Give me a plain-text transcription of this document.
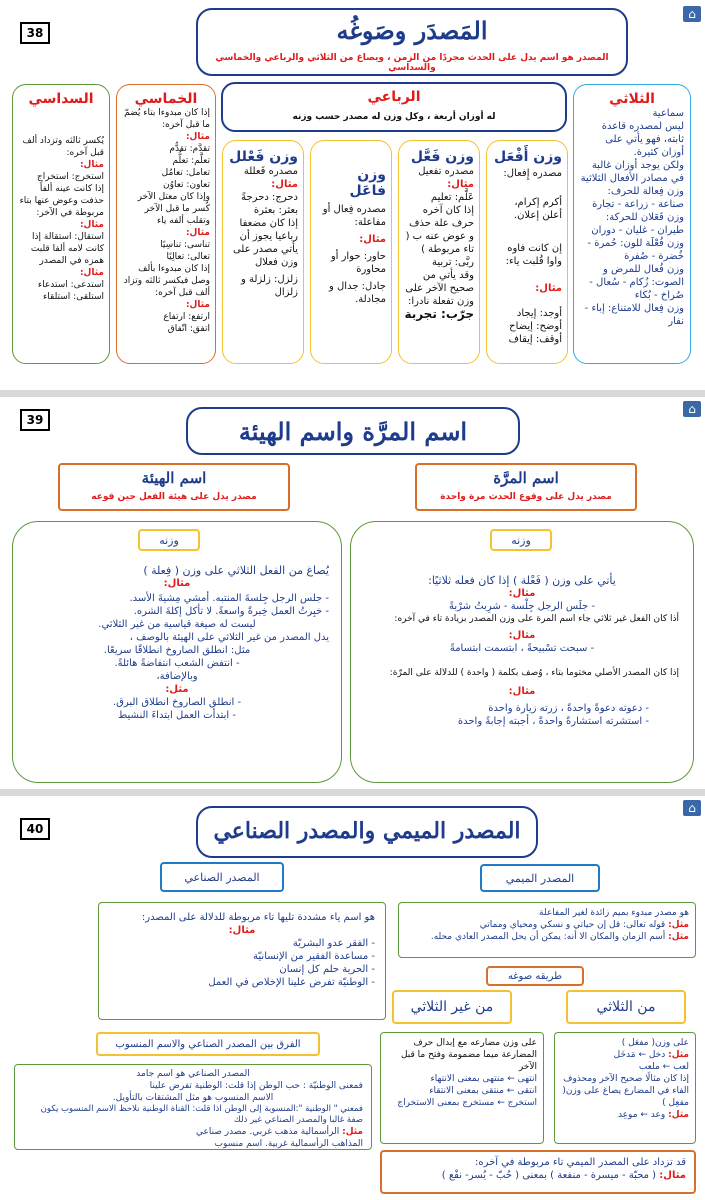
38
⌂
المَصدَر وصَوغُه
المصدر هو اسم يدل على الحدث مجردًا من الزمن ، ويصاغ من الثلاثي والرباعي والخماسي والسداسي
الثلاثي

سماعية

ليس لمصدره قاعدة ثابته، فهو يأتي على أوزان كثيرة.

ولكن يوجد أوزان غالبة في مصادر الأفعال الثلاثية

وزن فِعالة للحرف: صناعة - زراعة - تجارة

وزن فَعَلان للحركة: طيران - غليان - دوران

وزن فُعْلَة للون: حُمرة - خُضرة - صُفرة

وزن فُعال للمرض و الصوت: زُكام - سُعال - صُراخ - بُكاء

وزن فِعال للامتناع: إباء - نفار

الرباعي
له أوزان أربعة ، وكل وزن له مصدر حسب وزنه
وزن أَفْعَل

مصدره إِفعال:

أكرم إكرام، أعلن إعلان.

إن كانت فاوه واوا قُلبت ياء:

مثال:

أوجد: إيجاد

أوضح: إيضاح

أوقف: إيقاف

وزن فَعَّل

مصدره تفعيل

مثال:

عَلَّم: تعليم

إذا كان آخره حرف علة حذف و عوض عنه ب ( تاء مربوطة )

ربَّى: تربية

وقد يأتي من صحيح الآخر على وزن تفعلة نادرا:

جرّب: تجربة

وزن فاعَل

مصدره فِعال أو مفاعلة:

مثال:

حاور: حوار أو محاورة

جادل: جدال و مجادلة.

وزن فَعْلل

مصدره فَعللة

مثال:

دحرج: دحرجةً بعثر: بعثرة

إذا كان مضعفا رباعيا يجوز أن يأتي مصدر على وزن فعلال

زلزل: زلزلة و زلزال

الخماسي

إذا كان مبدوءا بتاء يُضمّ ما قبل آخره:

مثال:

تقدَّم: تقدُّم

تعلَّم: تعلُّم

تعامل: تعامُل

تعاون: تعاوُن

وإذا كان معتل الآخر كُسر ما قبل الآخر وتقلب ألفه ياء

مثال:

تناسى: تناسِيًا

تعالى: تعالِيًا

إذا كان مبدوءا بألف وصل فيكسر ثالثه وتزاد ألف قبل آخره:

مثال:

ارتفع: ارتفاع

اتفق: اتّفاق

السداسي

يُكسر ثالثه وتزداد ألف قبل آخره:

مثال:

استخرج: استخراج

إذا كانت عينه ألفاً حذفت وعوض عنها بتاء مربوطة في الآخر:

مثال:

استقال: استقالة إذا كانت لامه ألفا قلبت همزه في المصدر

مثال:

استدعى: استدعاء

استلقى: استلقاء

39
⌂
اسم المرَّة واسم الهيئة
اسم المرَّة
مصدر يدل على وقوع الحدث مرة واحدة
اسم الهيئة
مصدر يدل على هيئة الفعل حين قوعه

يأتي على وزن ( فَعْلة ) إذا كان فعله ثلاثيًا:

مثال:

- جلَس الرجل جِلْسة - شرِبتُ شرْبةً

أذا كان الفعل غير ثلاثي جاء اسم المرة على وزن المصدر بزيادة تاء في آخره:

مثال:

- سبحت تسْبيحةً ، ابتسمت ابتسامةً

إذا كان المصدر الأصلي مختوما بتاء ، وُصف بكلمة ( واحدة ) للدلالة على المرّة:

مثال:

- دعوته دعوةً واحدةً ، زرته زيارة واحدة

- استشرته استشارةً واحدةً ، أجبته إجابةً واحدة

وزنه

يُصاغ من الفعل الثلاثي على وزن ( فِعلة )

مثال:

- جلس الرجل جِلسةَ المنتبه. أمشي مِشيةَ الأسد.

- خبِرتُ العمل خِبرةً واسعةً. لا تأكل إكلةَ الشره.

ليست له صيغة قياسية من غير الثلاثي.

يدل المصدر من غير الثلاثي على الهيئة بالوصف ،

مثل: انطلق الصاروخ انطلاقًا سريعًا.

- انتفض الشعب انتفاضةً هائلةً.

وبالإضافة،

مثل:

- انطلق الصاروخ انطلاق البرق.

- ابتدأت العمل ابتداءَ النشيط

وزنه
40
⌂
المصدر الميمي والمصدر الصناعي
المصدر الميمي
المصدر الصناعي

هو مصدر مبدوء بميم زائدة لغير المفاعلة

مثل: قوله تعالى: قل إن حياتي و نسكي ومحياي ومماتي

مثل: أسم الزمان والمكان الا أنه: يمكن أن يحل المصدر العادي محله.

هو اسم ياء مشددة تليها تاء مربوطة للدلالة على المصدر:

مثال:

- الفقر عدو البشريّة

- مساعدة الفقير من الإنسانيّة

- الحرية حلم كل إنسان

- الوطنيّة تفرض علينا الإخلاص في العمل

طريقه صوغه
من الثلاثي
من غير الثلاثي

على وزن( مفعَل )

مثل: دخل ← مَدخَل

لعب ← ملعب

إذا كان مثالًا صحيح الآخر ومحذوف الفاء في المضارع يصاغ على وزن( مفعِل )

مثل: وعد ← موعِد

على وزن مضارعه مع إبدال حرف المضارعة ميما مضمومة وفتح ما قبل الآخر

انتهى ← منتهى بمعنى الانتهاء

انتقى ← منتقى بمعنى الانتقاء

استخرج ← مستخرج بمعنى الاستخراج

الفرق بين المصدر الصناعي والاسم المنسوب

المصدر الصناعي هو اسم جامد

فمعنى الوطنيّة : حب الوطن إذا قلت: الوطنية تفرض علينا

الاسم المنسوب هو مثل المشتقات بالتأويل.

فمعني " الوطنية ":المنسوبة إلى الوطن اذا قلت: القناة الوطنية نلاحظ الاسم المنسوب يكون صفة غالبا والمصدر الصناعي غير ذلك

مثل: الرأسمالية مذهب غربي. مصدر صناعي

المذاهب الرأسمالية غربية. اسم منسوب

قد تزداد على المصدر الميمي تاء مربوطة في آخره:

مثال: ( محبّة - ميسرة - منفعة ) بمعنى ( حُبّ - يُسر- نفْع )
